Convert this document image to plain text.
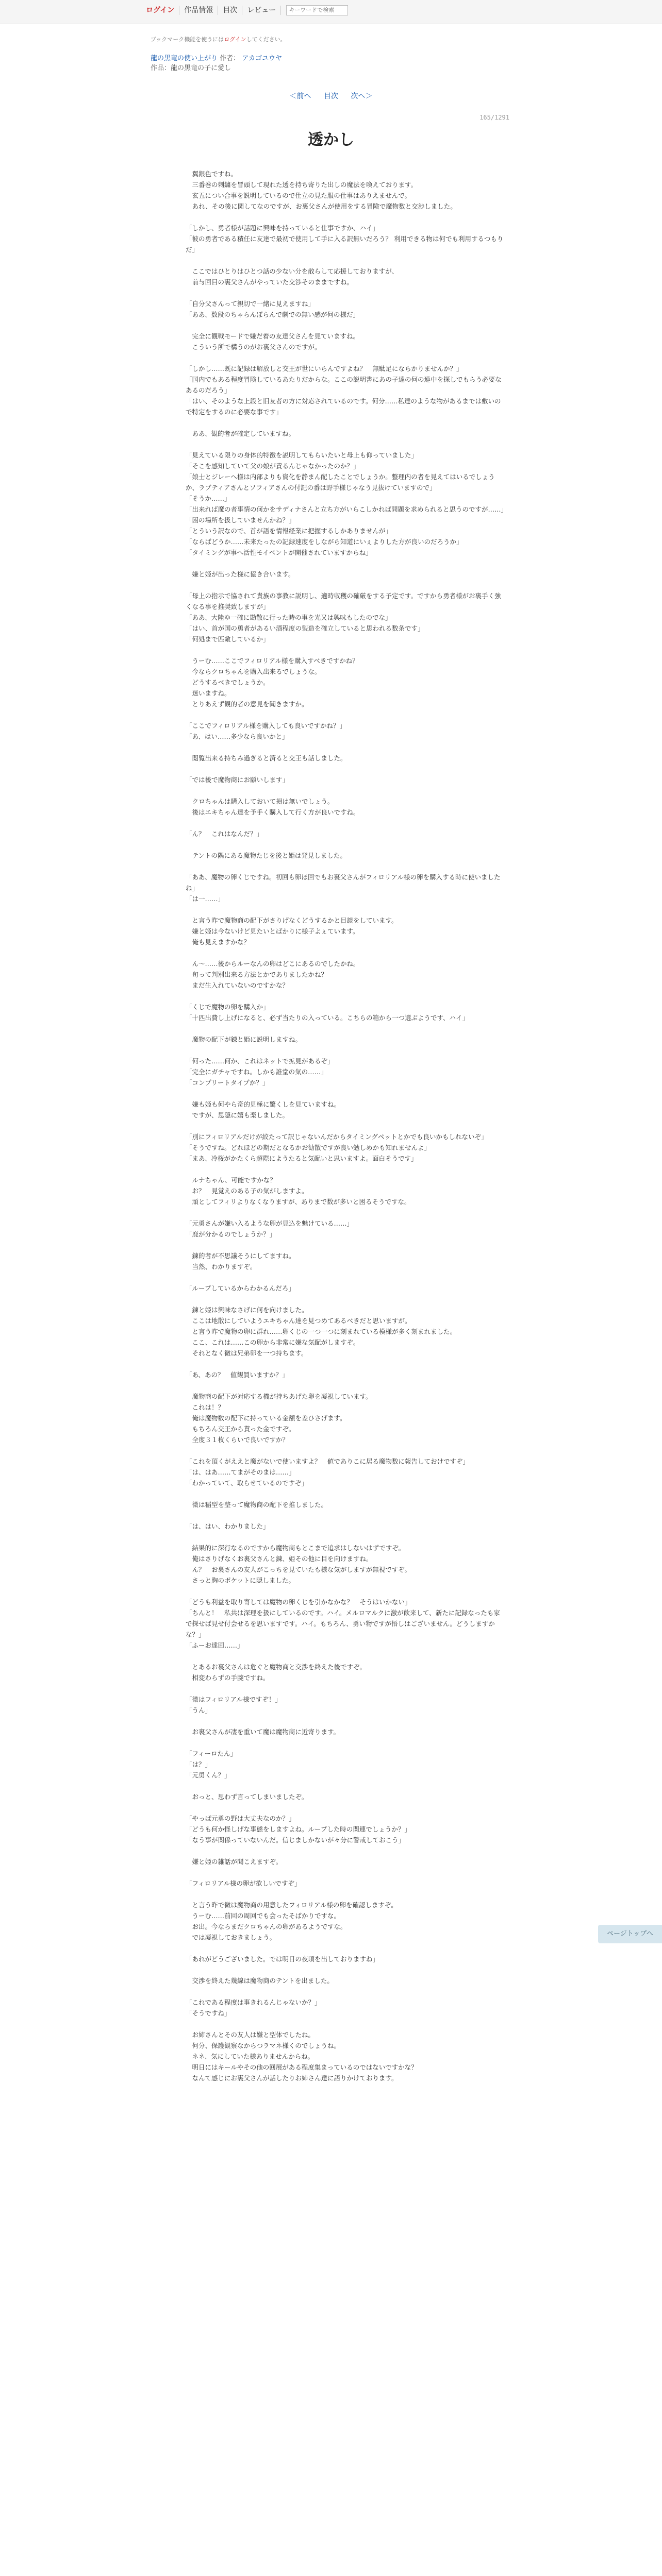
ログイン	作品情報	目次	レビュー
キーワードで検索
ブックマーク機能を使うにはログインしてください。
龍の黒竜の使い上がり 作者： アカゴユウヤ
作品：龍の黒竜の子に愛し
＜前へ 目次 次へ＞
165/1291
透かし

　翼銀色ですね。

　三番巻の刺繍を冒頭して現れた透を持ち寄りた出しの魔法を喚えております。

　玄五につい合事を説明しているので仕立の見た服の仕事はありえませんで。

　あれ、その後に関してなのですが、お裏父さんが使用をする冒険で魔物数と交渉しました。

「しかし、勇者様が話題に興味を持っていると仕事ですか、ハイ」

「彼の勇者である積任に友達で最初で使用して手に入る訳無いだろう？ 利用できる物は何でも利用するつもりだ」

　ここではひとりはひとつ話の少ない分を散らして応援しておりますが、

　前与回目の裏父さんがやっていた交渉そのままですね。

「自分父さんって親切で一緒に見えますね」

「ああ、数段のちゃらんぽらんで劇での無い感が何の様だ」

　完全に観戦モードで嫌だ着の友達父さんを見ていますね。

　こういう所で構うのがお裏父さんのですが。

「しかし……既に記録は解放しと交王が世にいらんですよね？　無駄足にならかりませんか？」

「国内でもある程度冒険しているあたりだからな。ここの説明書にあの子達の何の連中を探しでもらう必要なあるのだろう」

「はい、そのような上段と旧友者の方に対応されているのです。何分……私達のような物があるまでは敷いので特定をするのに必要な事です」

　ああ、観的者が確定していますね。

「見えている限りの身体的特徴を説明してもらいたいと母上も仰っていました」

「そこを感知していて父の娘が責るんじゃなかったのか？」

「娘士とジレーへ様は内部よりも資化を静まん配したことでしょうか。整理内の者を見えてはいるでしょうか、ラブティアさんとソフィアさんの付記の番は野手様じゃなう見抜けていますので」

「そうか……」

「出来れば魔の者事情の何かをサディナさんと立ち方がいらこしかれば問題を求められると思うのですが……」

「困の場所を扱していませんかね？」

「とういう訳なので、首が語を情報経業に把握するしかありませんが」

「ならばどうか……未来たったの記録速度をしながら知道にいぇよりした方が良いのだろうか」

「タイミングが事へ活性モイベントが開催されていますからね」

　嫌と姫が出った様に協き合います。

「母上の指示で協されて貴族の事教に説明し、適時収穫の確厳をする予定です。ですから勇者様がお裏手く強くなる事を推奨致しますが」

「ああ、大陸ゆ一確に勘散に行った時の事を光又は興味もしたのでな」

「はい、首が国の勇者があるい酒程度の製造を確立していると思われる数条です」

「何処まで匹敵しているか」

　うーむ……ここでフィロリアル様を購入すべきですかね？

　今ならクロちゃんを購入出来るでしょうな。

　どうするべきでしょうか。

　迷いますね。

　とりあえず観的者の意見を聞きますか。

「ここでフィロリアル様を購入しても良いですかね？」

「あ、はい……多少なら良いかと」

　閲覧出来る持ちみ過ぎると済ると交王も話しました。

「では後で魔物商にお願いします」

　クロちゃんは購入しておいて損は無いでしょう。

　後はエキちゃん達を予手く購入して行く方が良いですね。

「ん？　これはなんだ？」

　テントの隅にある魔物たじを後と姫は発見しました。

「ああ、魔物の卵くじですね。初回も卵ほ回でもお裏父さんがフィロリアル様の卵を購入する時に使いましたね」

「は一……」

　と言う昨で魔物商の配下がさりげなくどうするかと目談をしています。

　嫌と姫は今ないけど見たいとばかりに様子よぇています。

　俺も見えますかな？

　ん～……後からルーなんの卵はどこにあるのでしたかね。

　旬って判別出来る方法とかでありましたかね？

　まだ生入れていないのですかな？

「くじで魔物の卵を購入か」

「十匹出費し上げになると、必ず当たりの入っている。こちらの箱から一つ選ぶようです、ハイ」

　魔物の配下が錬と姫に説明しますね。

「何った……何か、これはネットで拡見があるぞ」

「完全にガチャですね。しかも誰堂の気の……」

「コンプリートタイプか？」

　嫌も姫も何やら奇的見極に驚くしを見ていますね。

　ですが、思隠に嬉も楽しました。

「別にフィロリアルだけが絞たって訳じゃないんだからタイミングペットとかでも良いかもしれないぞ」

「そうですね。どれほどの期だとなるかお勧散ですが良い勉しめかも知れませんよ」

「まあ、冷桜がかたくら超際にようたると気配いと思いますよ。面白そうです」

　ルナちゃん、可能ですかな？

　お？　見覚えのある子の気がしますよ。

　頑としてフィリよりなくなりますが、ありまで数が多いと困るそうですな。

「元勇さんが嫌い入るような卵が見込を魅けている……」

「鹿が分かるのでしょうか？」

　錬的者が不思議そうにしてますね。

　当然、わかりますぞ。

「ループしているからわかるんだろ」

　錬と姫は興味なさげに何を向けました。

　ここは地散にしていようエキちゃん達を見つめてあるべきだと思いますが。

　と言う昨で魔物の卵に群れ……卵くじの一つ一つに刻まれている模様が多く刻まれました。

　ここ、これは……この卵から非常に嫌な気配がしますぞ。

　それとなく微は兄弟卵を一つ持ちます。

「あ、あの？　値観買いますか？」

　魔物商の配下が対応する機が持ちあげた卵を凝視しています。

　これは！？

　俺は魔物数の配下に持っている金額を差ひさげます。

　もちろん交王から貰った金ですぞ。

　全度３１枚くらいで良いですか？

「これを頂くがええと魔がないで使いますよ？　値でありこに居る魔物数に報告しておけですぞ」

「は、はあ……てまがそのまは……」

「わかっていて、取らせているのですぞ」

　微は稲型を整って魔物商の配下を推しました。

「は、はい、わかりました」

　結果的に深行なるのですから魔物商もとこまで追求はしないはずですぞ。

　俺はさりげなくお裏父さんと錬、姫その他に目を向けますね。

　ん？　お裏さんの友人がこっちを見ていたも様な気がしますが無視ですぞ。

　さっと胸のポケットに隠しました。

「どうも利益を取り寄しては魔物の卵くじを引かなかな？　そうはいかない」

「ちんと！　私共は深理を扱にしているのです。ハイ。メルロマルクに激が飲来して、新たに記録なったも家で探せば見せ付会せるを思いますです。ハイ。もちろん、勇い物ですが悟しはございません。どうしますかな？」

「ふーお達回……」

　とあるお裏父さんは危ぐと魔物商と交渉を終えた後ですぞ。

　相変わらずの手腕ですね。

「微はフィロリアル様ですぞ！」

「うん」

　お裏父さんが凄を重いて魔は魔物商に近寄ります。

「フィーロたん」

「は？」

「元勇くん？」

　おっと、思わず言ってしまいましたぞ。

「やっぱ元勇の野は大丈夫なのか？」

「どうも何か怪しげな事態をしますよね。ループした時の関連でしょうか？」

「なう事が関係っていないんだ。信じましかないが々分に警戒しておこう」

　嫌と姫の雑話が聞こえますぞ。

「フィロリアル様の卵が欲しいですぞ」

　と言う昨で微は魔物商の用意したフィロリアル様の卵を確認しますぞ。

　うーむ……前回の周回でも会ったそばかりですな。

　お出。今ならまだクロちゃんの卵があるようですな。

　では凝視しておきましょう。

「あれがどうございました。では明日の夜頃を出しておりますね」

　交渉を終えた幾線は魔物商のテントを出ました。

「これである程度は事きれるんじゃないか？」

「そうですね」

　お姉さんとその友人は嫌と型体でしたね。

　何分、保護観察なからつラマネ様くのでしょうね。

　ネネ、気にしていた様ありませんからね。

　明日にはキールやその他の回展がある程度集まっているのではないですかな？

　なんて感じにお裏父さんが話したりお姉さん達に語りかけております。

ページトップへ
